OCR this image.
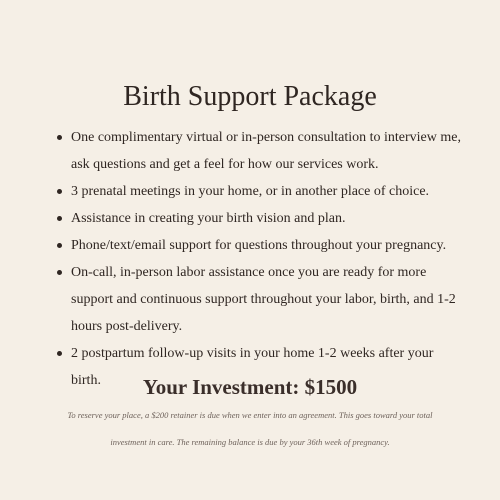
Birth Support Package
One complimentary virtual or in-person consultation to interview me, ask questions and get a feel for how our services work.
3 prenatal meetings in your home, or in another place of choice.
Assistance in creating your birth vision and plan.
Phone/text/email support for questions throughout your pregnancy.
On-call, in-person labor assistance once you are ready for more support and continuous support throughout your labor, birth, and 1-2 hours post-delivery.
2 postpartum follow-up visits in your home 1-2 weeks after your birth.	Your Investment: $1500

To reserve your place, a $200 retainer is due when we enter into an agreement. This goes toward your total investment in care. The remaining balance is due by your 36th week of pregnancy.
